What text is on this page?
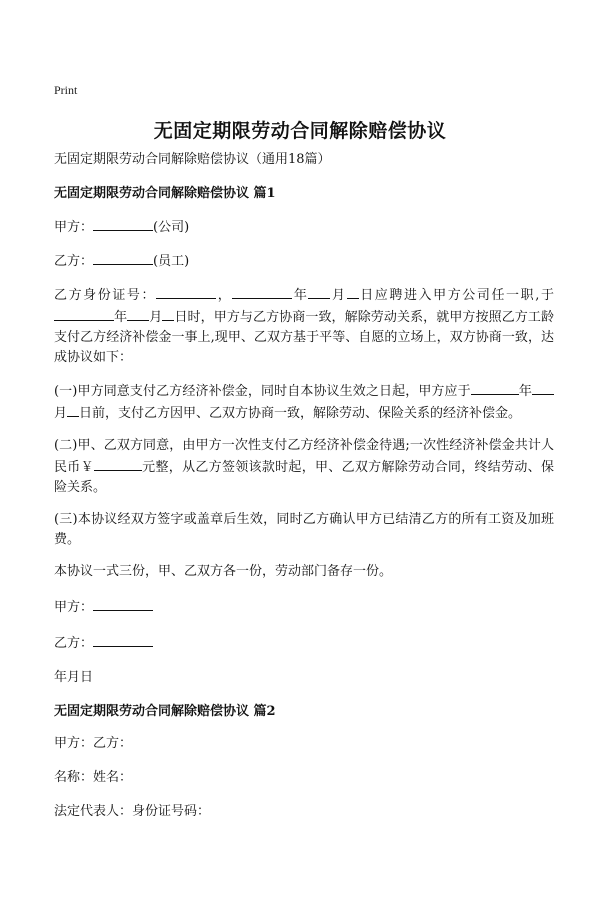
Print
无固定期限劳动合同解除赔偿协议
无固定期限劳动合同解除赔偿协议（通用18篇）
无固定期限劳动合同解除赔偿协议 篇1
甲方：	(公司)
乙方：	(员工)
乙方身份证号：	，	年 月 日应聘进入甲方公司任一职,于年 月 日时，甲方与乙方协商一致，解除劳动关系，就甲方按照乙方工龄支付乙方经济补偿金一事上,现甲、乙双方基于平等、自愿的立场上，双方协商一致，达成协议如下：
(一)甲方同意支付乙方经济补偿金，同时自本协议生效之日起，甲方应于	年月 日前，支付乙方因甲、乙双方协商一致，解除劳动、保险关系的经济补偿金。
(二)甲、乙双方同意，由甲方一次性支付乙方经济补偿金待遇;一次性经济补偿金共计人民币￥	元整，从乙方签领该款时起，甲、乙双方解除劳动合同，终结劳动、保险关系。
(三)本协议经双方签字或盖章后生效，同时乙方确认甲方已结清乙方的所有工资及加班费。
本协议一式三份，甲、乙双方各一份，劳动部门备存一份。
甲方：
乙方：
年月日
无固定期限劳动合同解除赔偿协议 篇2
甲方：乙方：
名称：姓名：
法定代表人：身份证号码：
